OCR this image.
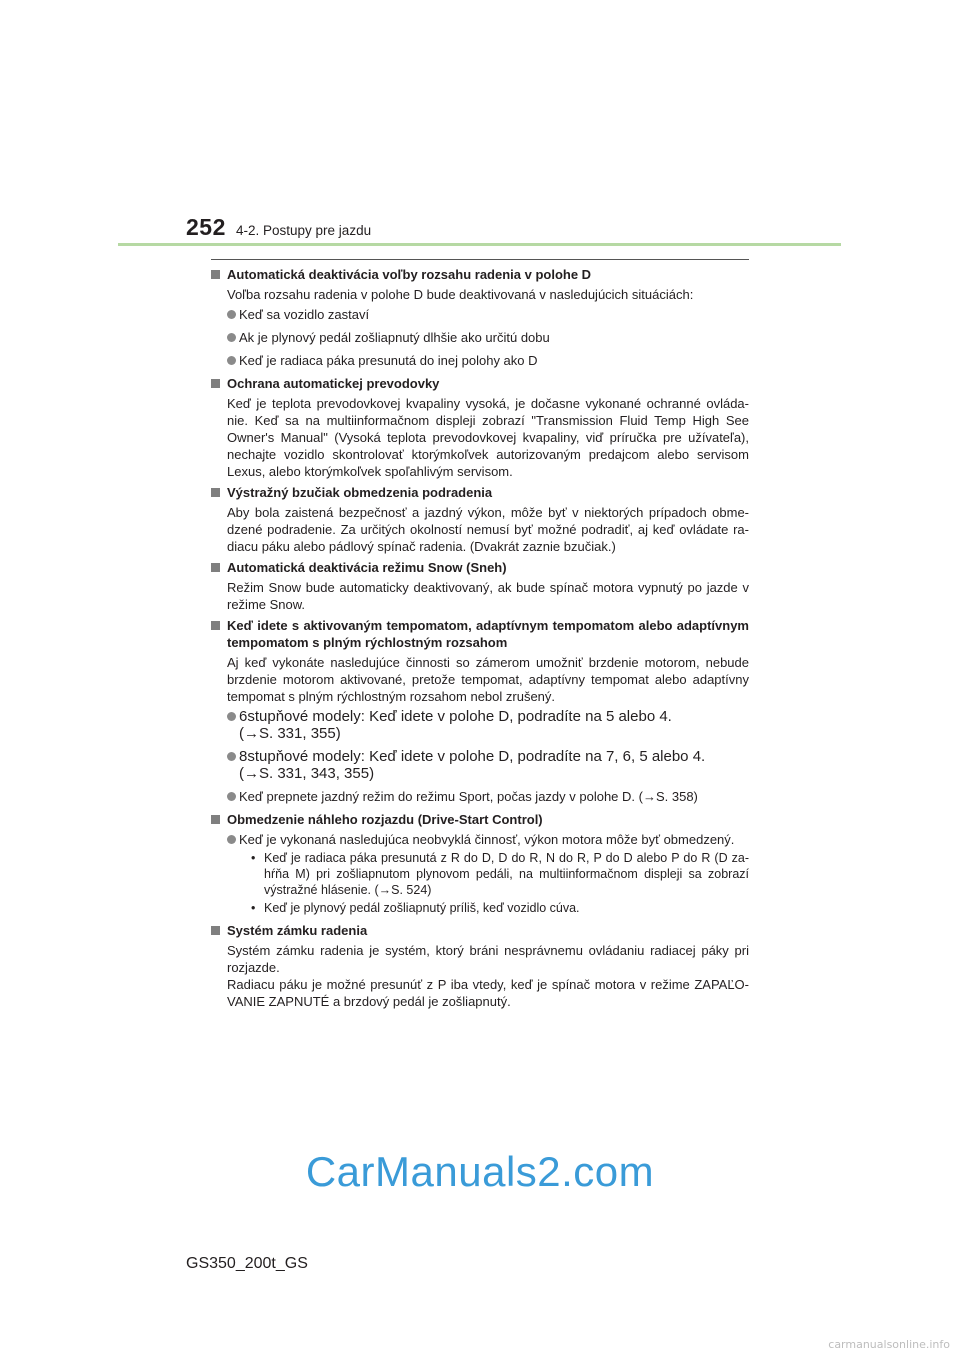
252 4-2. Postupy pre jazdu
Automatická deaktivácia voľby rozsahu radenia v polohe D
Voľba rozsahu radenia v polohe D bude deaktivovaná v nasledujúcich situáciách:
Keď sa vozidlo zastaví
Ak je plynový pedál zošliapnutý dlhšie ako určitú dobu
Keď je radiaca páka presunutá do inej polohy ako D
Ochrana automatickej prevodovky
Keď je teplota prevodovkovej kvapaliny vysoká, je dočasne vykonané ochranné ovláda- nie. Keď sa na multiinformačnom displeji zobrazí "Transmission Fluid Temp High See Owner's Manual" (Vysoká teplota prevodovkovej kvapaliny, viď príručka pre užívateľa), nechajte vozidlo skontrolovať ktorýmkoľvek autorizovaným predajcom alebo servisom Lexus, alebo ktorýmkoľvek spoľahlivým servisom.
Výstražný bzučiak obmedzenia podradenia
Aby bola zaistená bezpečnosť a jazdný výkon, môže byť v niektorých prípadoch obme- dzené podradenie. Za určitých okolností nemusí byť možné podradiť, aj keď ovládate ra- diacu páku alebo pádlový spínač radenia. (Dvakrát zaznie bzučiak.)
Automatická deaktivácia režimu Snow (Sneh)
Režim Snow bude automaticky deaktivovaný, ak bude spínač motora vypnutý po jazde v režime Snow.
Keď idete s aktivovaným tempomatom, adaptívnym tempomatom alebo adaptívnym tempomatom s plným rýchlostným rozsahom
Aj keď vykonáte nasledujúce činnosti so zámerom umožniť brzdenie motorom, nebude brzdenie motorom aktivované, pretože tempomat, adaptívny tempomat alebo adaptívny tempomat s plným rýchlostným rozsahom nebol zrušený.
6stupňové modely: Keď idete v polohe D, podradíte na 5 alebo 4.
(→S. 331, 355)
8stupňové modely: Keď idete v polohe D, podradíte na 7, 6, 5 alebo 4.
(→S. 331, 343, 355)
Keď prepnete jazdný režim do režimu Sport, počas jazdy v polohe D. (→S. 358)
Obmedzenie náhleho rozjazdu (Drive-Start Control)
Keď je vykonaná nasledujúca neobvyklá činnosť, výkon motora môže byť obmedzený.
• Keď je radiaca páka presunutá z R do D, D do R, N do R, P do D alebo P do R (D za- hŕňa M) pri zošliapnutom plynovom pedáli, na multiinformačnom displeji sa zobrazí výstražné hlásenie. (→S. 524)
• Keď je plynový pedál zošliapnutý príliš, keď vozidlo cúva.
Systém zámku radenia
Systém zámku radenia je systém, ktorý bráni nesprávnemu ovládaniu radiacej páky pri rozjazde.
Radiacu páku je možné presunúť z P iba vtedy, keď je spínač motora v režime ZAPAĽO- VANIE ZAPNUTÉ a brzdový pedál je zošliapnutý.
CarManuals2.com
GS350_200t_GS
carmanualsonline.info
